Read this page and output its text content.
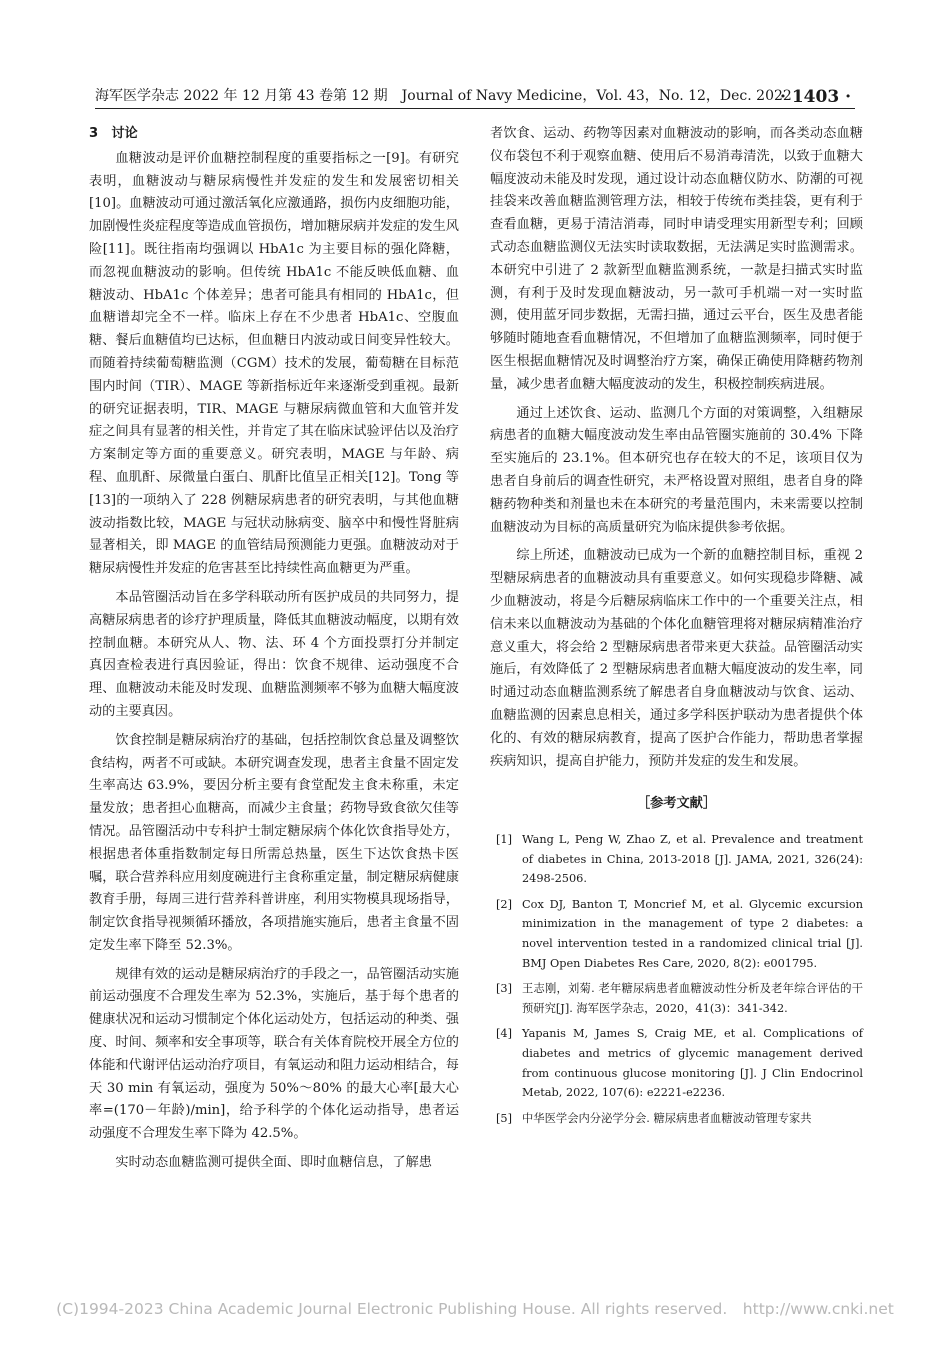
海军医学杂志 2022 年 12 月第 43 卷第 12 期　Journal of Navy Medicine，Vol. 43，No. 12，Dec. 2022
· 1403 ·
3　讨论

血糖波动是评价血糖控制程度的重要指标之一[9]。有研究表明，血糖波动与糖尿病慢性并发症的发生和发展密切相关[10]。血糖波动可通过激活氧化应激通路，损伤内皮细胞功能，加剧慢性炎症程度等造成血管损伤，增加糖尿病并发症的发生风险[11]。既往指南均强调以 HbA1c 为主要目标的强化降糖，而忽视血糖波动的影响。但传统 HbA1c 不能反映低血糖、血糖波动、HbA1c 个体差异；患者可能具有相同的 HbA1c，但血糖谱却完全不一样。临床上存在不少患者 HbA1c、空腹血糖、餐后血糖值均已达标，但血糖日内波动或日间变异性较大。而随着持续葡萄糖监测（CGM）技术的发展，葡萄糖在目标范围内时间（TIR）、MAGE 等新指标近年来逐渐受到重视。最新的研究证据表明，TIR、MAGE 与糖尿病微血管和大血管并发症之间具有显著的相关性，并肯定了其在临床试验评估以及治疗方案制定等方面的重要意义。研究表明，MAGE 与年龄、病程、血肌酐、尿微量白蛋白、肌酐比值呈正相关[12]。Tong 等[13]的一项纳入了 228 例糖尿病患者的研究表明，与其他血糖波动指数比较，MAGE 与冠状动脉病变、脑卒中和慢性肾脏病显著相关，即 MAGE 的血管结局预测能力更强。血糖波动对于糖尿病慢性并发症的危害甚至比持续性高血糖更为严重。

本品管圈活动旨在多学科联动所有医护成员的共同努力，提高糖尿病患者的诊疗护理质量，降低其血糖波动幅度，以期有效控制血糖。本研究从人、物、法、环 4 个方面投票打分并制定真因查检表进行真因验证，得出：饮食不规律、运动强度不合理、血糖波动未能及时发现、血糖监测频率不够为血糖大幅度波动的主要真因。

饮食控制是糖尿病治疗的基础，包括控制饮食总量及调整饮食结构，两者不可或缺。本研究调查发现，患者主食量不固定发生率高达 63.9%，要因分析主要有食堂配发主食未称重，未定量发放；患者担心血糖高，而减少主食量；药物导致食欲欠佳等情况。品管圈活动中专科护士制定糖尿病个体化饮食指导处方，根据患者体重指数制定每日所需总热量，医生下达饮食热卡医嘱，联合营养科应用刻度碗进行主食称重定量，制定糖尿病健康教育手册，每周三进行营养科普讲座，利用实物模具现场指导，制定饮食指导视频循环播放，各项措施实施后，患者主食量不固定发生率下降至 52.3%。

规律有效的运动是糖尿病治疗的手段之一，品管圈活动实施前运动强度不合理发生率为 52.3%，实施后，基于每个患者的健康状况和运动习惯制定个体化运动处方，包括运动的种类、强度、时间、频率和安全事项等，联合有关体育院校开展全方位的体能和代谢评估运动治疗项目，有氧运动和阻力运动相结合，每天 30 min 有氧运动，强度为 50%～80% 的最大心率[最大心率=(170－年龄)/min]，给予科学的个体化运动指导，患者运动强度不合理发生率下降为 42.5%。

实时动态血糖监测可提供全面、即时血糖信息，了解患

者饮食、运动、药物等因素对血糖波动的影响，而各类动态血糖仪布袋包不利于观察血糖、使用后不易消毒清洗，以致于血糖大幅度波动未能及时发现，通过设计动态血糖仪防水、防潮的可视挂袋来改善血糖监测管理方法，相较于传统布类挂袋，更有利于查看血糖，更易于清洁消毒，同时申请受理实用新型专利；回顾式动态血糖监测仪无法实时读取数据，无法满足实时监测需求。本研究中引进了 2 款新型血糖监测系统，一款是扫描式实时监测，有利于及时发现血糖波动，另一款可手机端一对一实时监测，使用蓝牙同步数据，无需扫描，通过云平台，医生及患者能够随时随地查看血糖情况，不但增加了血糖监测频率，同时便于医生根据血糖情况及时调整治疗方案，确保正确使用降糖药物剂量，减少患者血糖大幅度波动的发生，积极控制疾病进展。

通过上述饮食、运动、监测几个方面的对策调整，入组糖尿病患者的血糖大幅度波动发生率由品管圈实施前的 30.4% 下降至实施后的 23.1%。但本研究也存在较大的不足，该项目仅为患者自身前后的调查性研究，未严格设置对照组，患者自身的降糖药物种类和剂量也未在本研究的考量范围内，未来需要以控制血糖波动为目标的高质量研究为临床提供参考依据。

综上所述，血糖波动已成为一个新的血糖控制目标，重视 2 型糖尿病患者的血糖波动具有重要意义。如何实现稳步降糖、减少血糖波动，将是今后糖尿病临床工作中的一个重要关注点，相信未来以血糖波动为基础的个体化血糖管理将对糖尿病精准治疗意义重大，将会给 2 型糖尿病患者带来更大获益。品管圈活动实施后，有效降低了 2 型糖尿病患者血糖大幅度波动的发生率，同时通过动态血糖监测系统了解患者自身血糖波动与饮食、运动、血糖监测的因素息息相关，通过多学科医护联动为患者提供个体化的、有效的糖尿病教育，提高了医护合作能力，帮助患者掌握疾病知识，提高自护能力，预防并发症的发生和发展。

［参考文献］
[1] Wang L, Peng W, Zhao Z, et al. Prevalence and treatment of diabetes in China, 2013-2018 [J]. JAMA, 2021, 326(24): 2498-2506.
[2] Cox DJ, Banton T, Moncrief M, et al. Glycemic excursion minimization in the management of type 2 diabetes: a novel intervention tested in a randomized clinical trial [J]. BMJ Open Diabetes Res Care, 2020, 8(2): e001795.
[3] 王志刚，刘菊. 老年糖尿病患者血糖波动性分析及老年综合评估的干预研究[J]. 海军医学杂志，2020，41(3)：341-342.
[4] Yapanis M, James S, Craig ME, et al. Complications of diabetes and metrics of glycemic management derived from continuous glucose monitoring [J]. J Clin Endocrinol Metab, 2022, 107(6): e2221-e2236.
[5] 中华医学会内分泌学分会. 糖尿病患者血糖波动管理专家共
(C)1994-2023 China Academic Journal Electronic Publishing House. All rights reserved.　http://www.cnki.net
